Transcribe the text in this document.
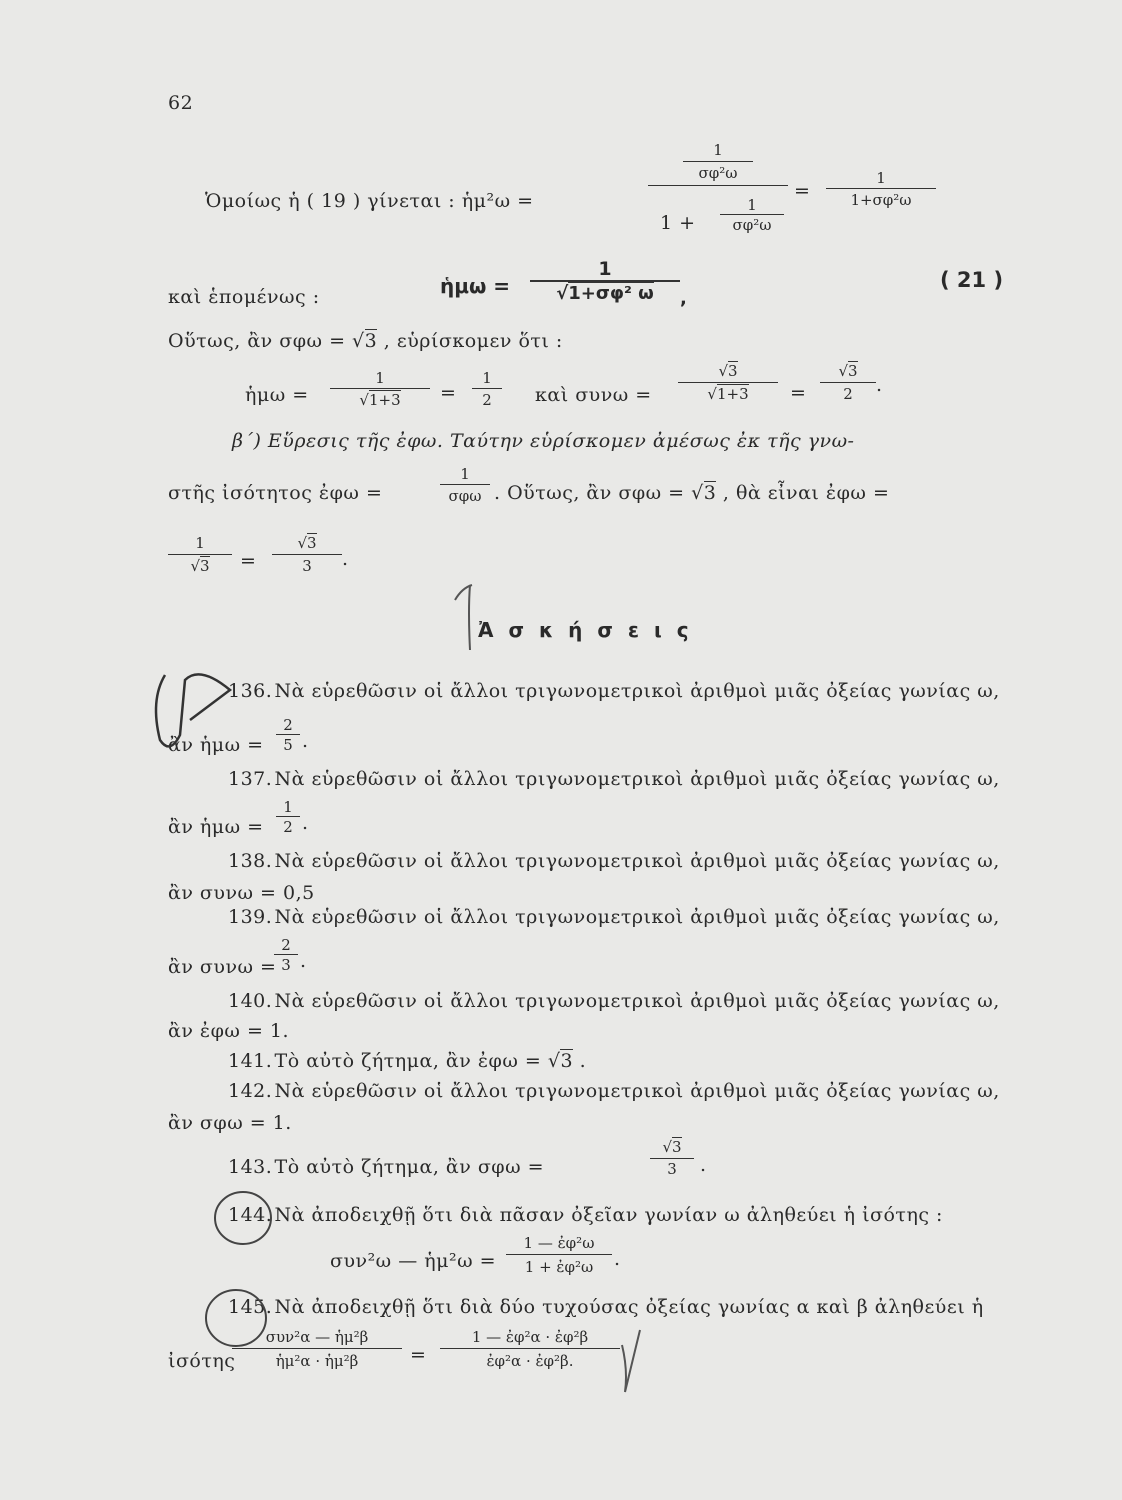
62
Ὁμοίως ἡ ( 19 ) γίνεται : ἡμ²ω =
1
σφ²ω
1 +
1
σφ²ω
=
1
1+σφ²ω
καὶ ἑπομένως :	ἡμω =
1
√1+σφ² ω	,
( 21 )
Οὕτως, ἂν σφω = √3 , εὑρίσκομεν ὅτι :
ἡμω =
1
√1+3	=
1
2	καὶ συνω =
√3
√1+3	=
√3
2	.
β΄) Εὕρεσις τῆς ἐφω. Ταύτην εὑρίσκομεν ἀμέσως ἐκ τῆς γνω-
στῆς ἰσότητος ἐφω =
1
σφω . Οὕτως, ἂν σφω = √3 , θὰ εἶναι ἐφω =
1
√3	=
√3
3	.
Ἀ σ κ ή σ ε ι ς
136. Νὰ εὑρεθῶσιν οἱ ἄλλοι τριγωνομετρικοὶ ἀριθμοὶ μιᾶς ὀξείας γωνίας ω,
ἂν ἡμω =
2
5 .
137. Νὰ εὑρεθῶσιν οἱ ἄλλοι τριγωνομετρικοὶ ἀριθμοὶ μιᾶς ὀξείας γωνίας ω,
ἂν ἡμω =
1
2 .
138. Νὰ εὑρεθῶσιν οἱ ἄλλοι τριγωνομετρικοὶ ἀριθμοὶ μιᾶς ὀξείας γωνίας ω,
ἂν συνω = 0,5
139. Νὰ εὑρεθῶσιν οἱ ἄλλοι τριγωνομετρικοὶ ἀριθμοὶ μιᾶς ὀξείας γωνίας ω,
ἂν συνω =
2
3 .
140. Νὰ εὑρεθῶσιν οἱ ἄλλοι τριγωνομετρικοὶ ἀριθμοὶ μιᾶς ὀξείας γωνίας ω,
ἂν ἐφω = 1.
141. Τὸ αὐτὸ ζήτημα, ἂν ἐφω = √3 .
142. Νὰ εὑρεθῶσιν οἱ ἄλλοι τριγωνομετρικοὶ ἀριθμοὶ μιᾶς ὀξείας γωνίας ω,
ἂν σφω = 1.
143. Τὸ αὐτὸ ζήτημα, ἂν σφω =
√3
3	.
144. Νὰ ἀποδειχθῇ ὅτι διὰ πᾶσαν ὀξεῖαν γωνίαν ω ἀληθεύει ἡ ἰσότης :
συν²ω — ἡμ²ω =
1 — ἐφ²ω
1 + ἐφ²ω	.
145. Νὰ ἀποδειχθῇ ὅτι διὰ δύο τυχούσας ὀξείας γωνίας α καὶ β ἀληθεύει ἡ
ἰσότης
συν²α — ἡμ²β
ἡμ²α · ἡμ²β	=
1 — ἐφ²α · ἐφ²β
ἐφ²α · ἐφ²β.
